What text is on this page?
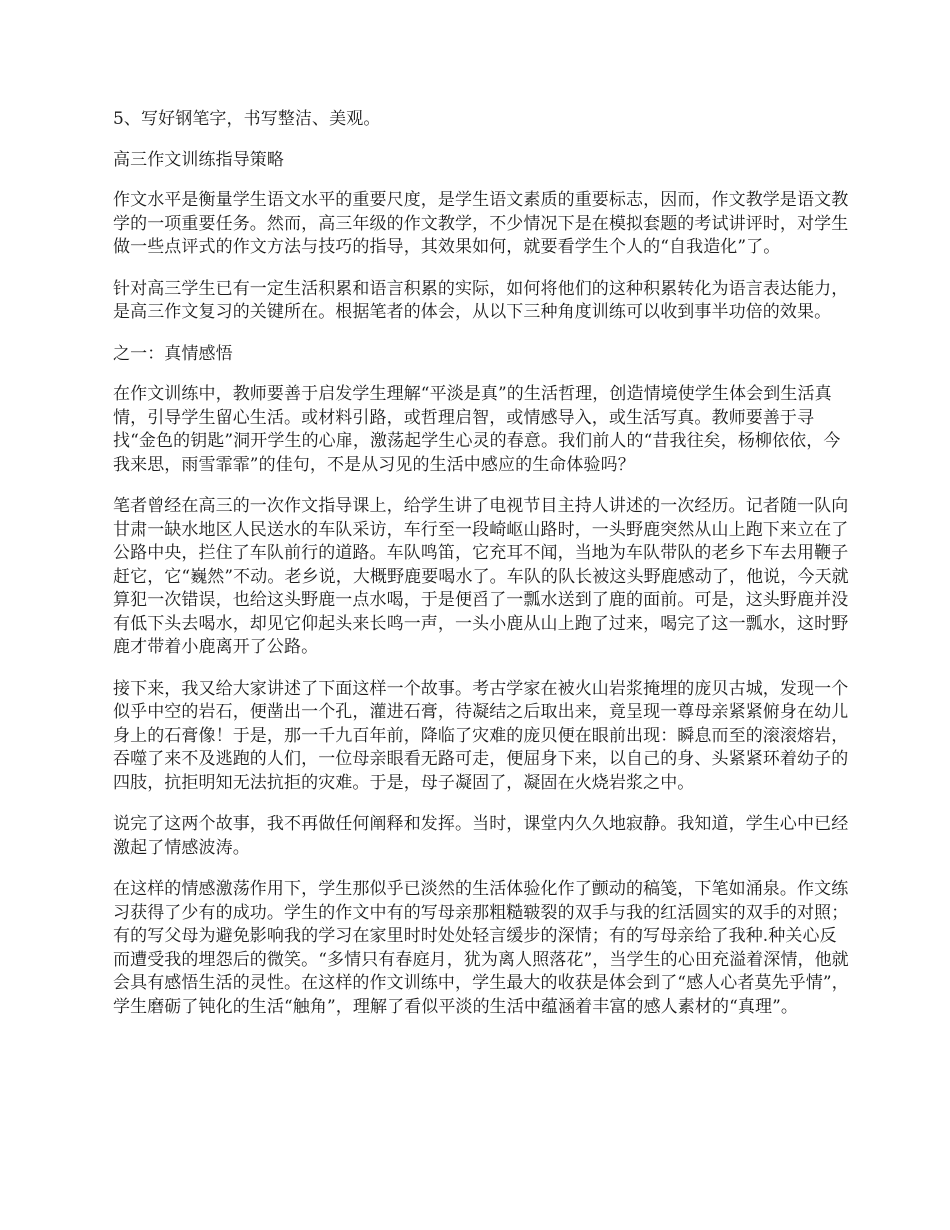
5、写好钢笔字，书写整洁、美观。

高三作文训练指导策略

作文水平是衡量学生语文水平的重要尺度，是学生语文素质的重要标志，因而，作文教学是语文教学的一项重要任务。然而，高三年级的作文教学，不少情况下是在模拟套题的考试讲评时，对学生做一些点评式的作文方法与技巧的指导，其效果如何，就要看学生个人的“自我造化”了。

针对高三学生已有一定生活积累和语言积累的实际，如何将他们的这种积累转化为语言表达能力，是高三作文复习的关键所在。根据笔者的体会，从以下三种角度训练可以收到事半功倍的效果。

之一：真情感悟

在作文训练中，教师要善于启发学生理解“平淡是真”的生活哲理，创造情境使学生体会到生活真情，引导学生留心生活。或材料引路，或哲理启智，或情感导入，或生活写真。教师要善于寻找“金色的钥匙”洞开学生的心扉，激荡起学生心灵的春意。我们前人的“昔我往矣，杨柳依依，今我来思，雨雪霏霏”的佳句，不是从习见的生活中感应的生命体验吗？

笔者曾经在高三的一次作文指导课上，给学生讲了电视节目主持人讲述的一次经历。记者随一队向甘肃一缺水地区人民送水的车队采访，车行至一段崎岖山路时，一头野鹿突然从山上跑下来立在了公路中央，拦住了车队前行的道路。车队鸣笛，它充耳不闻，当地为车队带队的老乡下车去用鞭子赶它，它“巍然”不动。老乡说，大概野鹿要喝水了。车队的队长被这头野鹿感动了，他说，今天就算犯一次错误，也给这头野鹿一点水喝，于是便舀了一瓢水送到了鹿的面前。可是，这头野鹿并没有低下头去喝水，却见它仰起头来长鸣一声，一头小鹿从山上跑了过来，喝完了这一瓢水，这时野鹿才带着小鹿离开了公路。

接下来，我又给大家讲述了下面这样一个故事。考古学家在被火山岩浆掩埋的庞贝古城，发现一个似乎中空的岩石，便凿出一个孔，灌进石膏，待凝结之后取出来，竟呈现一尊母亲紧紧俯身在幼儿身上的石膏像！于是，那一千九百年前，降临了灾难的庞贝便在眼前出现：瞬息而至的滚滚熔岩，吞噬了来不及逃跑的人们，一位母亲眼看无路可走，便屈身下来，以自己的身、头紧紧环着幼子的四肢，抗拒明知无法抗拒的灾难。于是，母子凝固了，凝固在火烧岩浆之中。

说完了这两个故事，我不再做任何阐释和发挥。当时，课堂内久久地寂静。我知道，学生心中已经激起了情感波涛。

在这样的情感激荡作用下，学生那似乎已淡然的生活体验化作了颤动的稿笺，下笔如涌泉。作文练习获得了少有的成功。学生的作文中有的写母亲那粗糙皲裂的双手与我的红活圆实的双手的对照；有的写父母为避免影响我的学习在家里时时处处轻言缓步的深情；有的写母亲给了我种.种关心反而遭受我的埋怨后的微笑。“多情只有春庭月，犹为离人照落花”，当学生的心田充溢着深情，他就会具有感悟生活的灵性。在这样的作文训练中，学生最大的收获是体会到了“感人心者莫先乎情”，学生磨砺了钝化的生活“触角”，理解了看似平淡的生活中蕴涵着丰富的感人素材的“真理”。
